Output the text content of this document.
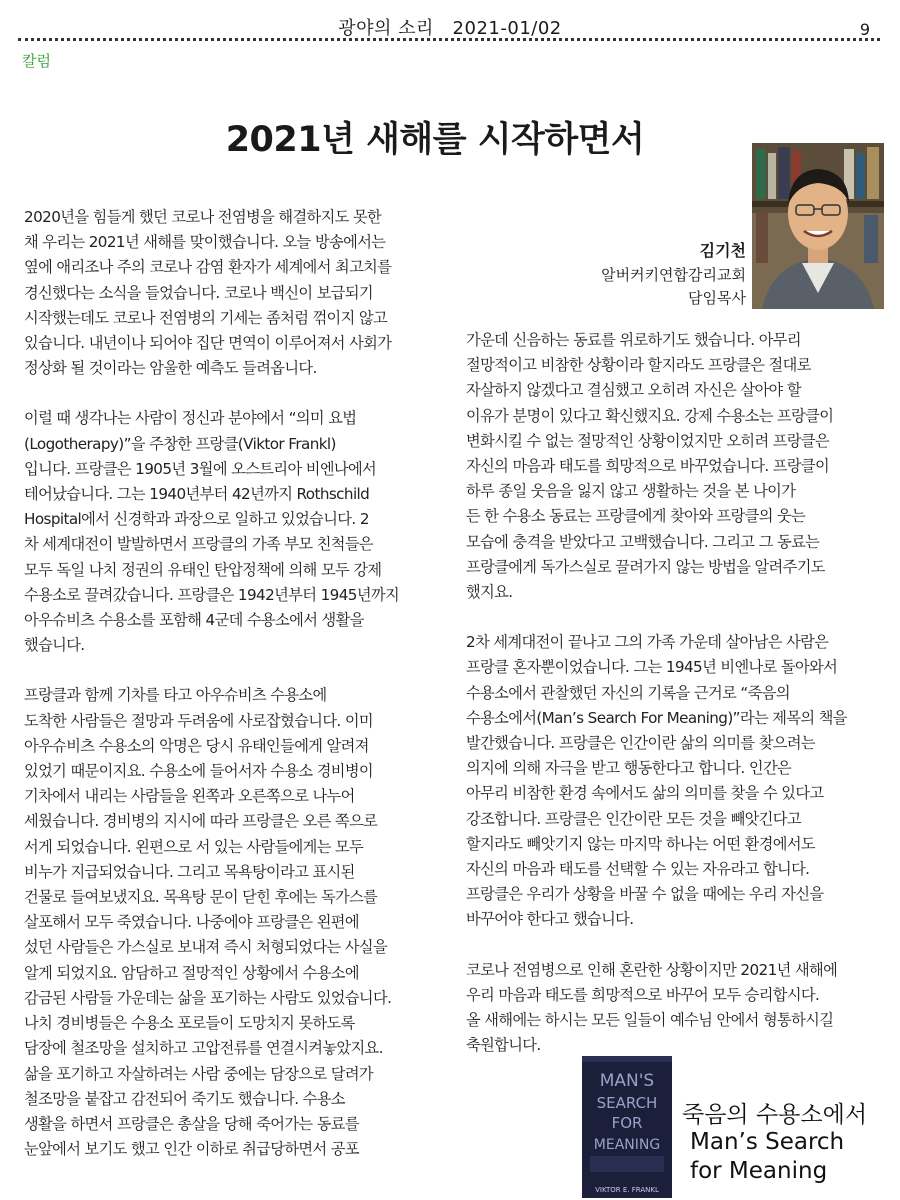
광야의 소리   2021-01/02	9
칼럼
2021년 새해를 시작하면서

2020년을 힘들게 했던 코로나 전염병을 해결하지도 못한

채 우리는 2021년 새해를 맞이했습니다. 오늘 방송에서는

옆에 애리조나 주의 코로나 감염 환자가 세계에서 최고치를

경신했다는 소식을 들었습니다. 코로나 백신이 보급되기

시작했는데도 코로나 전염병의 기세는 좀처럼 꺾이지 않고

있습니다. 내년이나 되어야 집단 면역이 이루어져서 사회가

정상화 될 것이라는 암울한 예측도 들려옵니다.

이럴 때 생각나는 사람이 정신과 분야에서 “의미 요법

(Logotherapy)”을 주창한 프랑클(Viktor Frankl)

입니다. 프랑클은 1905년 3월에 오스트리아 비엔나에서

테어났습니다. 그는 1940년부터 42년까지 Rothschild

Hospital에서 신경학과 과장으로 일하고 있었습니다. 2

차 세계대전이 발발하면서 프랑클의 가족 부모 친척들은

모두 독일 나치 정권의 유태인 탄압정책에 의해 모두 강제

수용소로 끌려갔습니다. 프랑클은 1942년부터 1945년까지

아우슈비츠 수용소를 포함해 4군데 수용소에서 생활을

했습니다.

프랑클과 함께 기차를 타고 아우슈비츠 수용소에

도착한 사람들은 절망과 두려움에 사로잡혔습니다. 이미

아우슈비츠 수용소의 악명은 당시 유태인들에게 알려져

있었기 때문이지요. 수용소에 들어서자 수용소 경비병이

기차에서 내리는 사람들을 왼쪽과 오른쪽으로 나누어

세웠습니다. 경비병의 지시에 따라 프랑클은 오른 쪽으로

서게 되었습니다. 왼편으로 서 있는 사람들에게는 모두

비누가 지급되었습니다. 그리고 목욕탕이라고 표시된

건물로 들여보냈지요. 목욕탕 문이 닫힌 후에는 독가스를

살포해서 모두 죽였습니다. 나중에야 프랑클은 왼편에

섰던 사람들은 가스실로 보내져 즉시 처형되었다는 사실을

알게 되었지요. 암담하고 절망적인 상황에서 수용소에

감금된 사람들 가운데는 삶을 포기하는 사람도 있었습니다.

나치 경비병들은 수용소 포로들이 도망치지 못하도록

담장에 철조망을 설치하고 고압전류를 연결시켜놓았지요.

삶을 포기하고 자살하려는 사람 중에는 담장으로 달려가

철조망을 붙잡고 감전되어 죽기도 했습니다. 수용소

생활을 하면서 프랑클은 총살을 당해 죽어가는 동료를

눈앞에서 보기도 했고 인간 이하로 취급당하면서 공포

김기천
알버커키연합감리교회
담임목사

가운데 신음하는 동료를 위로하기도 했습니다. 아무리

절망적이고 비참한 상황이라 할지라도 프랑클은 절대로

자살하지 않겠다고 결심했고 오히려 자신은 살아야 할

이유가 분명이 있다고 확신했지요. 강제 수용소는 프랑클이

변화시킬 수 없는 절망적인 상황이었지만 오히려 프랑클은

자신의 마음과 태도를 희망적으로 바꾸었습니다. 프랑클이

하루 종일 웃음을 잃지 않고 생활하는 것을 본 나이가

든 한 수용소 동료는 프랑클에게 찾아와 프랑클의 웃는

모습에 충격을 받았다고 고백했습니다. 그리고 그 동료는

프랑클에게 독가스실로 끌려가지 않는 방법을 알려주기도

했지요.

2차 세계대전이 끝나고 그의 가족 가운데 살아남은 사람은

프랑클 혼자뿐이었습니다. 그는 1945년 비엔나로 돌아와서

수용소에서 관찰했던 자신의 기록을 근거로 “죽음의

수용소에서(Man’s Search For Meaning)”라는 제목의 책을

발간했습니다. 프랑클은 인간이란 삶의 의미를 찾으려는

의지에 의해 자극을 받고 행동한다고 합니다. 인간은

아무리 비참한 환경 속에서도 삶의 의미를 찾을 수 있다고

강조합니다. 프랑클은 인간이란 모든 것을 빼앗긴다고

할지라도 빼앗기지 않는 마지막 하나는 어떤 환경에서도

자신의 마음과 태도를 선택할 수 있는 자유라고 합니다.

프랑클은 우리가 상황을 바꿀 수 없을 때에는 우리 자신을

바꾸어야 한다고 했습니다.

코로나 전염병으로 인해 혼란한 상황이지만 2021년 새해에

우리 마음과 태도를 희망적으로 바꾸어 모두 승리합시다.

올 새해에는 하시는 모든 일들이 예수님 안에서 형통하시길

축원합니다.

MAN'S
SEARCH
FOR
MEANING
VIKTOR E. FRANKL
죽음의 수용소에서
Man’s Search
for Meaning
